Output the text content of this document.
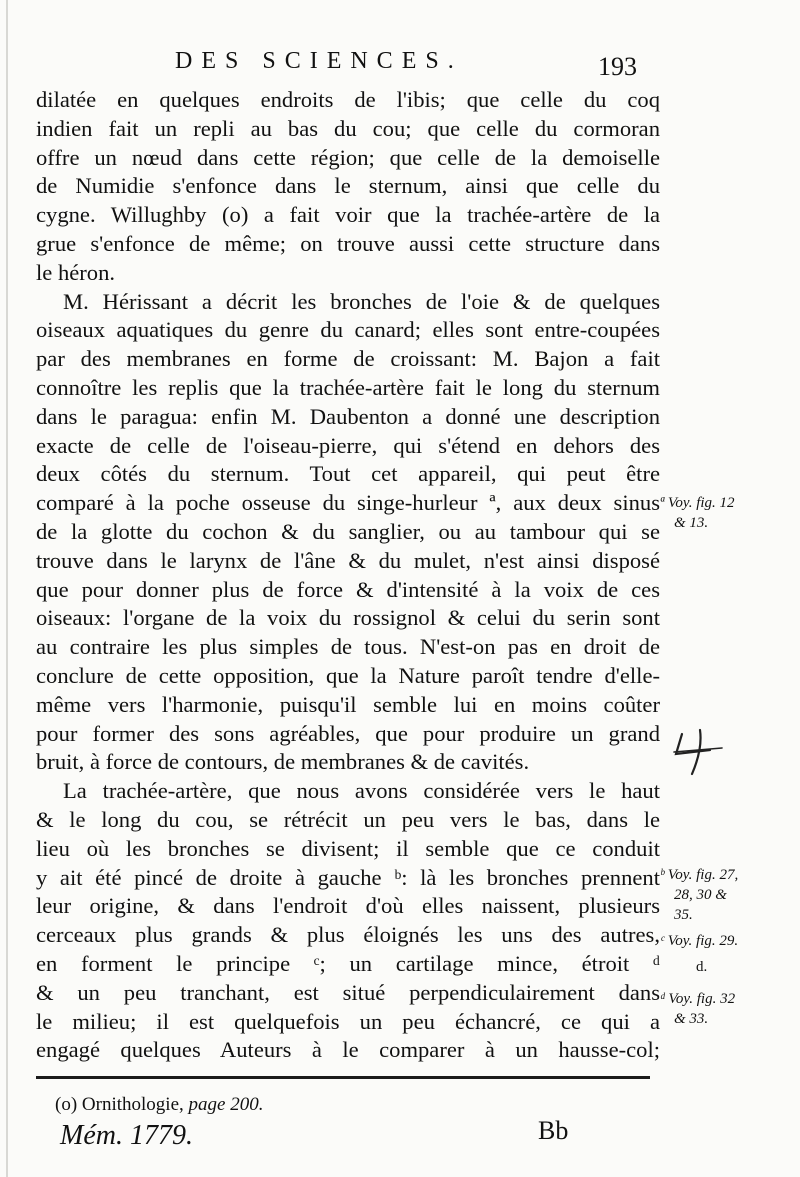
DES SCIENCES.	193
dilatée en quelques endroits de l'ibis; que celle du coq
indien fait un repli au bas du cou; que celle du cormoran
offre un nœud dans cette région; que celle de la demoiselle
de Numidie s'enfonce dans le sternum, ainsi que celle du
cygne. Willughby (o) a fait voir que la trachée-artère de la
grue s'enfonce de même; on trouve aussi cette structure dans
le héron.
M. Hérissant a décrit les bronches de l'oie & de quelques
oiseaux aquatiques du genre du canard; elles sont entre-coupées
par des membranes en forme de croissant: M. Bajon a fait
connoître les replis que la trachée-artère fait le long du sternum
dans le paragua: enfin M. Daubenton a donné une description
exacte de celle de l'oiseau-pierre, qui s'étend en dehors des
deux côtés du sternum. Tout cet appareil, qui peut être
comparé à la poche osseuse du singe-hurleur ª, aux deux sinus
de la glotte du cochon & du sanglier, ou au tambour qui se
trouve dans le larynx de l'âne & du mulet, n'est ainsi disposé
que pour donner plus de force & d'intensité à la voix de ces
oiseaux: l'organe de la voix du rossignol & celui du serin sont
au contraire les plus simples de tous. N'est-on pas en droit de
conclure de cette opposition, que la Nature paroît tendre d'elle-
même vers l'harmonie, puisqu'il semble lui en moins coûter
pour former des sons agréables, que pour produire un grand
bruit, à force de contours, de membranes & de cavités.
La trachée-artère, que nous avons considérée vers le haut
& le long du cou, se rétrécit un peu vers le bas, dans le
lieu où les bronches se divisent; il semble que ce conduit
y ait été pincé de droite à gauche ᵇ: là les bronches prennent
leur origine, & dans l'endroit d'où elles naissent, plusieurs
cerceaux plus grands & plus éloignés les uns des autres,
en forment le principe ᶜ; un cartilage mince, étroit ᵈ
& un peu tranchant, est situé perpendiculairement dans
le milieu; il est quelquefois un peu échancré, ce qui a
engagé quelques Auteurs à le comparer à un hausse-col;
ª Voy. fig. 12
& 13.
ᵇ Voy. fig. 27,
28, 30 &
35.
ᶜ Voy. fig. 29.
d.
ᵈ Voy. fig. 32
& 33.
(o) Ornithologie, page 200.
Mém. 1779.	Bb
